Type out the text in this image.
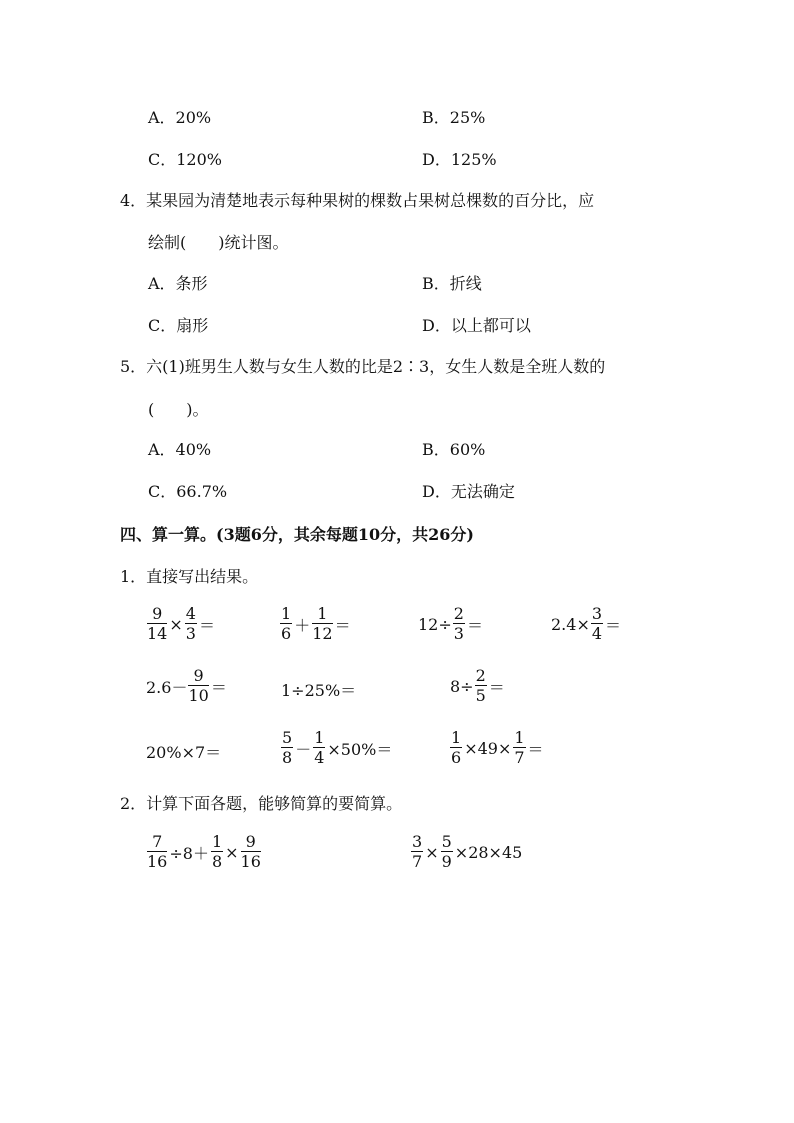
A．20%	B．25%
C．120%	D．125%
4．某果园为清楚地表示每种果树的棵数占果树总棵数的百分比，应
绘制(　　)统计图。
A．条形	B．折线
C．扇形	D．以上都可以
5．六(1)班男生人数与女生人数的比是2∶3，女生人数是全班人数的
(　　)。
A．40%	B．60%
C．66.7%	D．无法确定
四、算一算。(3题6分，其余每题10分，共26分)
1．直接写出结果。
$\frac{9}{14} \times \frac{4}{3}$ ＝	$\frac{1}{6} + \frac{1}{12}$ ＝	$12\div \frac{2}{3}$ ＝	$2.4\times \frac{3}{4}$ ＝
$2.6- \frac{9}{10}$ ＝	1÷25%＝	$8\div \frac{2}{5}$ ＝
20%×7＝	$\frac{5}{8} - \frac{1}{4} \times 50\%=$	$\frac{1}{6} \times 49\times \frac{1}{7}$ ＝
2．计算下面各题，能够简算的要简算。
$\frac{7}{16} \div 8+ \frac{1}{8} \times \frac{9}{16}$	$\frac{3}{7} \times \frac{5}{9} \times 28\times 45$
